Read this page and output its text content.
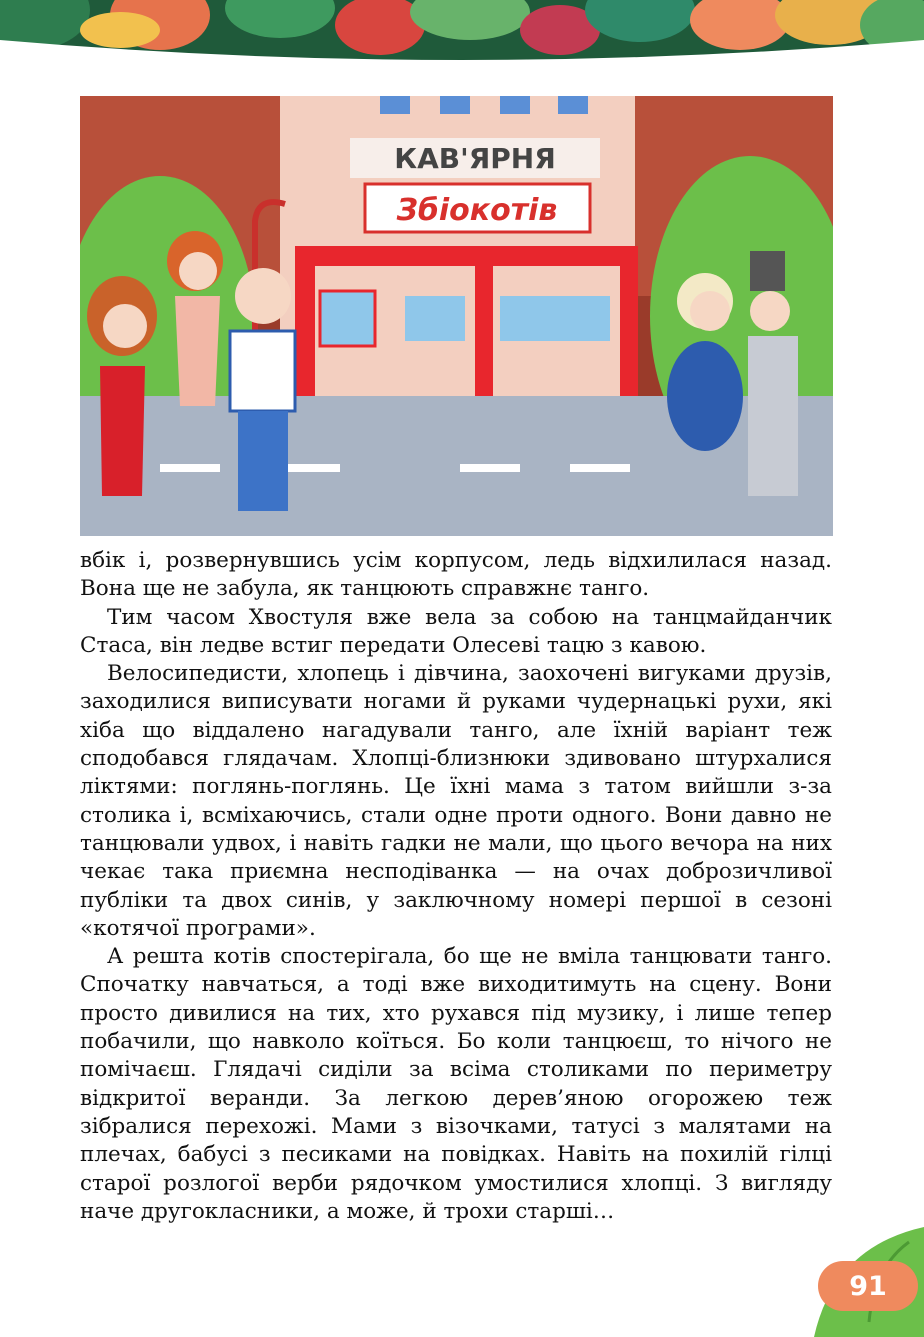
КАВ'ЯРНЯ
Збіокотів

вбік і, розвернувшись усім корпусом, ледь відхилилася назад. Вона ще не забула, як танцюють справжнє танго.

Тим часом Хвостуля вже вела за собою на танцмайданчик Стаса, він ледве встиг передати Олесеві тацю з кавою.

Велосипедисти, хлопець і дівчина, заохочені вигуками друзів, заходилися виписувати ногами й руками чудернацькі рухи, які хіба що віддалено нагадували танго, але їхній варіант теж сподобався глядачам. Хлопці-близнюки здивовано штурхалися ліктями: поглянь-поглянь. Це їхні мама з татом вийшли з-за столика і, всміхаючись, стали одне проти одного. Вони давно не танцювали удвох, і навіть гадки не мали, що цього вечора на них чекає така приємна несподіванка — на очах доброзичливої публіки та двох синів, у заключному номері першої в сезоні «котячої програми».

А решта котів спостерігала, бо ще не вміла танцювати танго. Спочатку навчаться, а тоді вже виходитимуть на сцену. Вони просто дивилися на тих, хто рухався під музику, і лише тепер побачили, що навколо коїться. Бо коли танцюєш, то нічого не помічаєш. Глядачі сиділи за всіма столиками по периметру відкритої веранди. За легкою дерев’яною огорожею теж зібралися перехожі. Мами з візочками, татусі з малятами на плечах, бабусі з песиками на повідках. Навіть на похилій гілці старої розлогої верби рядочком умостилися хлопці. З вигляду наче другокласники, а може, й трохи старші…

91
